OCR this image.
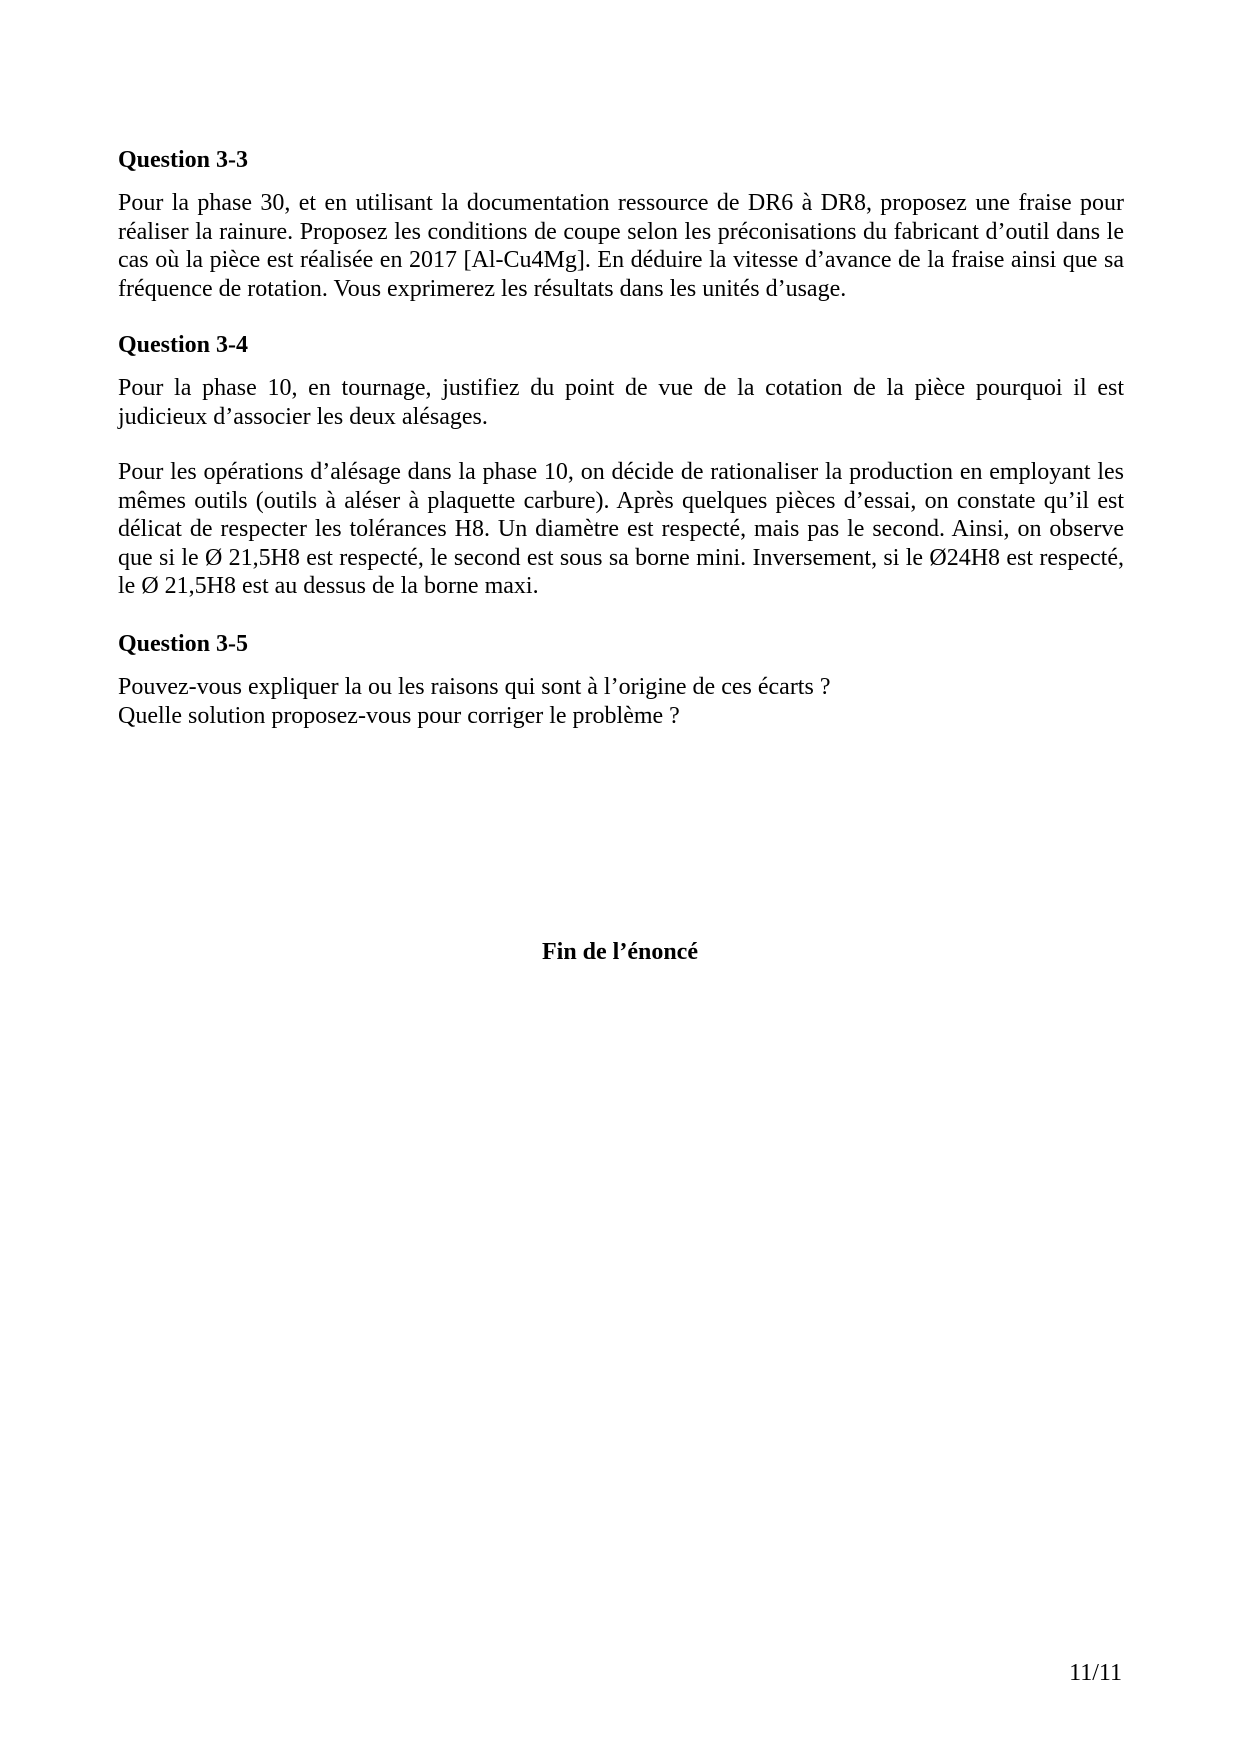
Question 3-3

Pour la phase 30, et en utilisant la documentation ressource de DR6 à DR8, proposez une fraise pour réaliser la rainure. Proposez les conditions de coupe selon les préconisations du fabricant d’outil dans le cas où la pièce est réalisée en 2017 [Al-Cu4Mg]. En déduire la vitesse d’avance de la fraise ainsi que sa fréquence de rotation. Vous exprimerez les résultats dans les unités d’usage.

Question 3-4

Pour la phase 10, en tournage, justifiez du point de vue de la cotation de la pièce pourquoi il est judicieux d’associer les deux alésages.

Pour les opérations d’alésage dans la phase 10, on décide de rationaliser la production en employant les mêmes outils (outils à aléser à plaquette carbure). Après quelques pièces d’essai, on constate qu’il est délicat de respecter les tolérances H8. Un diamètre est respecté, mais pas le second. Ainsi, on observe que si le Ø 21,5H8 est respecté, le second est sous sa borne mini. Inversement, si le Ø24H8 est respecté, le Ø 21,5H8 est au dessus de la borne maxi.

Question 3-5

Pouvez-vous expliquer la ou les raisons qui sont à l’origine de ces écarts ?
Quelle solution proposez-vous pour corriger le problème ?

Fin de l’énoncé

11/11
